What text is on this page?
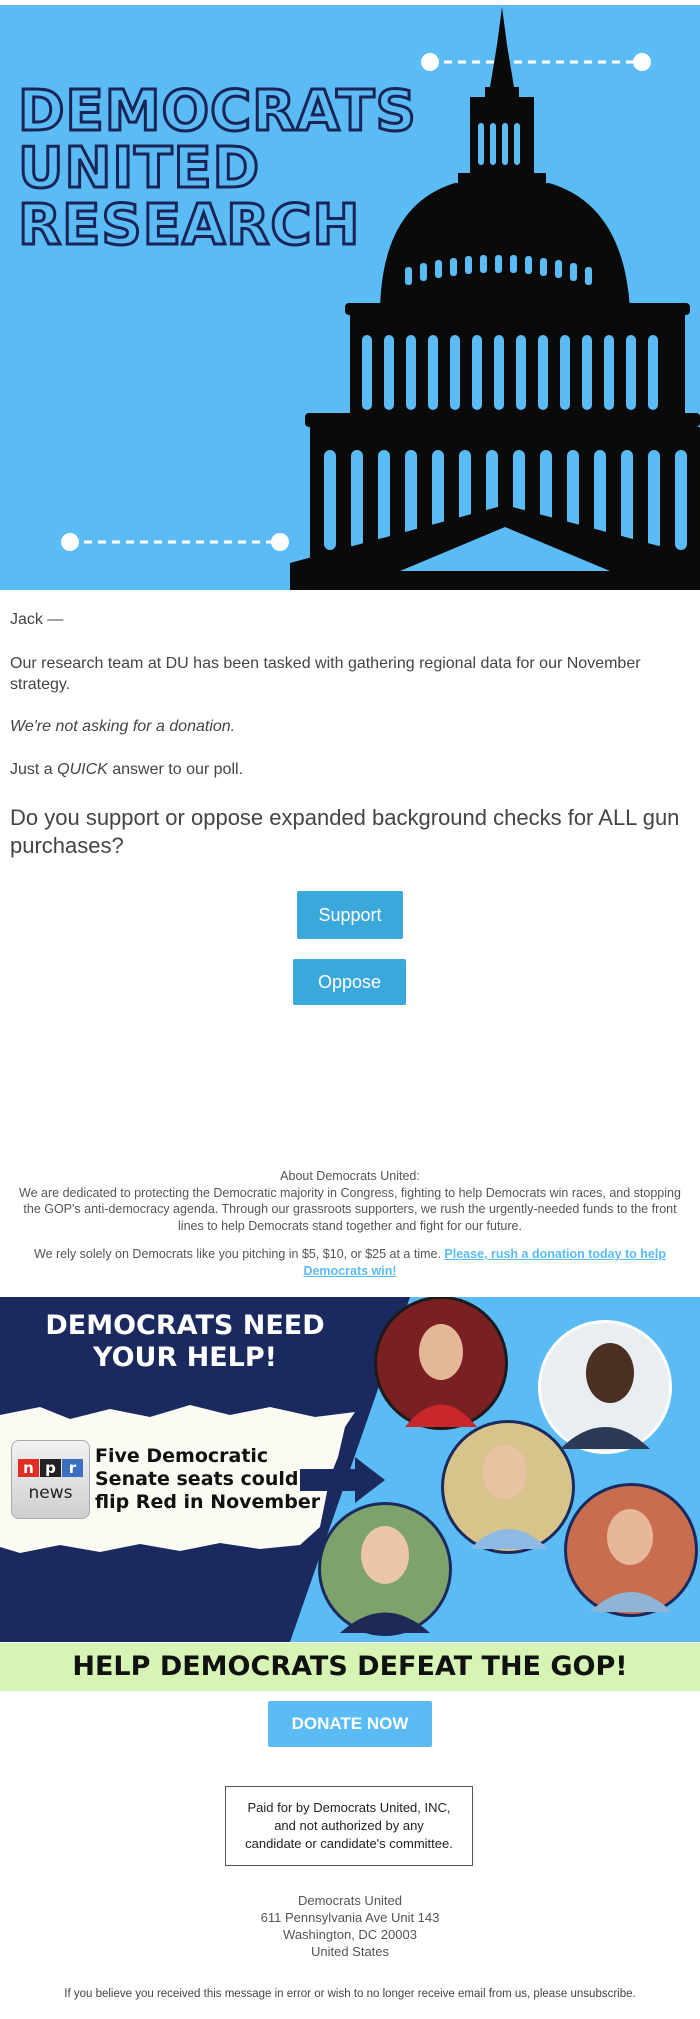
DEMOCRATS
UNITED
RESEARCH
Jack —
Our research team at DU has been tasked with gathering regional data for our November strategy.
We're not asking for a donation.
Just a QUICK answer to our poll.
Do you support or oppose expanded background checks for ALL gun purchases?
Support
Oppose
About Democrats United:
We are dedicated to protecting the Democratic majority in Congress, fighting to help Democrats win races, and stopping the GOP's anti-democracy agenda. Through our grassroots supporters, we rush the urgently-needed funds to the front lines to help Democrats stand together and fight for our future.
We rely solely on Democrats like you pitching in $5, $10, or $25 at a time. Please, rush a donation today to help Democrats win!
DEMOCRATS NEED
YOUR HELP!
n p r
news
Five Democratic
Senate seats could
flip Red in November
HELP DEMOCRATS DEFEAT THE GOP!
DONATE NOW
Paid for by Democrats United, INC,
and not authorized by any
candidate or candidate's committee.
Democrats United
611 Pennsylvania Ave Unit 143
Washington, DC 20003
United States
If you believe you received this message in error or wish to no longer receive email from us, please unsubscribe.
